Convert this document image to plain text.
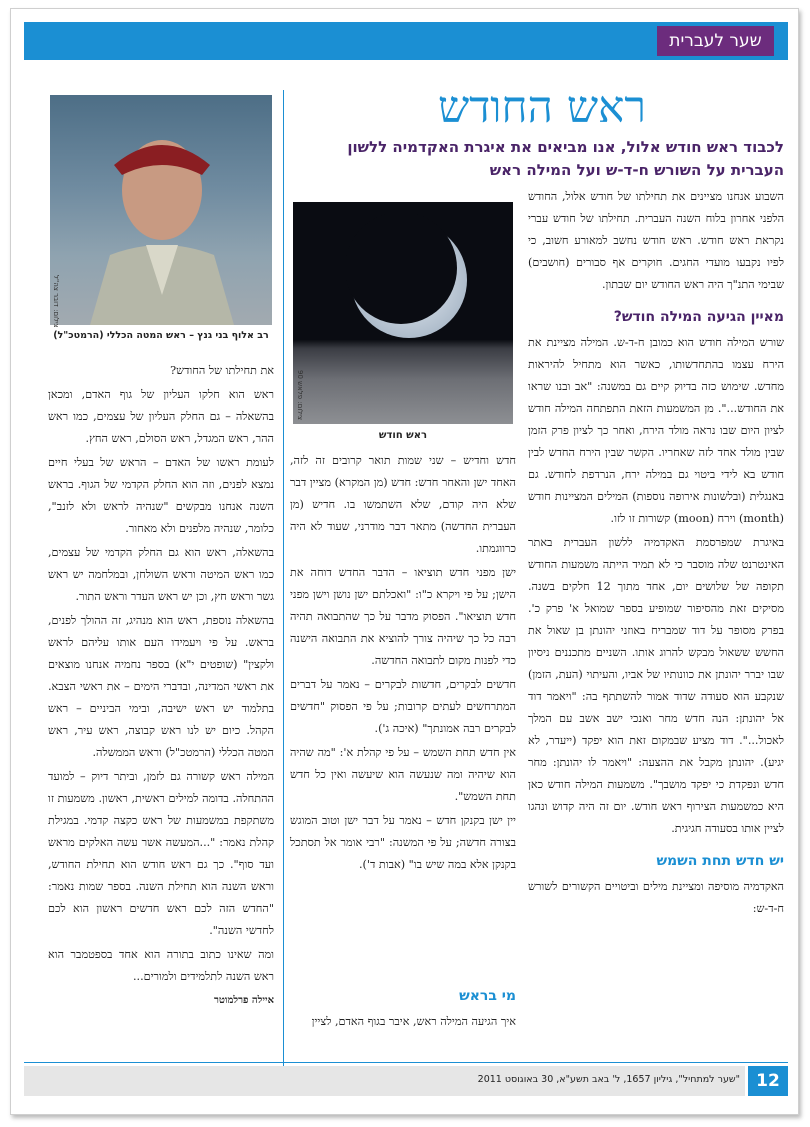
שער לעברית
ראש החודש
לכבוד ראש חודש אלול, אנו מביאים את איגרת האקדמיה ללשון העברית על השורש ח-ד-ש ועל המילה ראש

השבוע אנחנו מציינים את תחילתו של חודש אלול, החודש הלפני אחרון בלוח השנה העברית. תחילתו של חודש עברי נקראת ראש חודש. ראש חודש נחשב למאורע חשוב, כי לפיו נקבעו מועדי החגים. חוקרים אף סבורים (חושבים) שבימי התנ"ך היה ראש החודש יום שבתון.

מאיין הגיעה המילה חודש?

שורש המילה חודש הוא כמובן ח-ד-ש. המילה מציינת את הירח עצמו בהתחדשותו, כאשר הוא מתחיל להיראות מחדש. שימוש כזה בדיוק קיים גם במשנה: "אב ובנו שראו את החודש...". מן המשמעות הזאת התפתחה המילה חודש לציון היום שבו נראה מולד הירח, ואחר כך לציון פרק הזמן שבין מולד אחד לזה שאחריו. הקשר שבין הירח החדש לבין חודש בא לידי ביטוי גם במילה ירח, הנרדפת לחודש. גם באנגלית (ובלשונות אירופה נוספות) המילים המציינות חודש (month) וירח (moon) קשורות זו לזו.

באיגרת שמפרסמת האקדמיה ללשון העברית באתר האינטרנט שלה מוסבר כי לא תמיד הייתה משמעות החודש תקופה של שלושים יום, אחד מתוך 12 חלקים בשנה. מסיקים זאת מהסיפור שמופיע בספר שמואל א' פרק כ'. בפרק מסופר על דוד שמבריח באוזני יהונתן בן שאול את החשש ששאול מבקש להרוג אותו. השניים מתכננים ניסיון שבו יברר יהונתן את כוונותיו של אביו, והעיתוי (העת, הזמן) שנקבע הוא סעודה שדוד אמור להשתתף בה: "ויאמר דוד אל יהונתן: הנה חדש מחר ואנכי ישב אשב עם המלך לאכול...". דוד מציע שבמקום זאת הוא יפקד (ייעדר, לא יגיע). יהונתן מקבל את ההצעה: "ויאמר לו יהונתן: מחר חדש ונפקדת כי יפקד מושבך". משמעות המילה חודש כאן היא כמשמעות הצירוף ראש חודש. יום זה היה קדוש ונהגו לציין אותו בסעודה חגיגית.

יש חדש תחת השמש

האקדמיה מוסיפה ומציינת מילים וביטויים הקשורים לשורש ח-ד-ש:

צילום: פלאש 90
ראש חודש

חדש וחדיש – שני שמות תואר קרובים זה לזה, האחד ישן והאחר חדש: חדש (מן המקרא) מציין דבר שלא היה קודם, שלא השתמשו בו. חדיש (מן העברית החדשה) מתאר דבר מודרני, שעוד לא היה כרווגמתו.

ישן מפני חדש תוציאו – הדבר החדש דוחה את הישן; על פי ויקרא כ"ו: "ואכלתם ישן נושן וישן מפני חדש תוציאו". הפסוק מדבר על כך שהתבואה תהיה רבה כל כך שיהיה צורך להוציא את התבואה הישנה כדי לפנות מקום לתבואה החדשה.

חדשים לבקרים, חדשות לבקרים – נאמר על דברים המתרחשים לעתים קרובות; על פי הפסוק "חדשים לבקרים רבה אמונתך" (איכה ג').

אין חדש תחת השמש – על פי קהלת א': "מה שהיה הוא שיהיה ומה שנעשה הוא שיעשה ואין כל חדש תחת השמש".

יין ישן בקנקן חדש – נאמר על דבר ישן וטוב המוגש בצורה חדשה; על פי המשנה: "רבי אומר אל תסתכל בקנקן אלא במה שיש בו" (אבות ד').

מי בראש

איך הגיעה המילה ראש, איבר בגוף האדם, לציין

צילום: דובר צה"ל
רב אלוף בני גנץ – ראש המטה הכללי (הרמטכ"ל)

את תחילתו של החודש?

ראש הוא חלקו העליון של גוף האדם, ומכאן בהשאלה – גם החלק העליון של עצמים, כמו ראש ההר, ראש המגדל, ראש הסולם, ראש החץ.

לעומת ראשו של האדם – הראש של בעלי חיים נמצא לפנים, וזה הוא החלק הקדמי של הגוף. בראש השנה אנחנו מבקשים "שנהיה לראש ולא לזנב", כלומר, שנהיה מלפנים ולא מאחור.

בהשאלה, ראש הוא גם החלק הקדמי של עצמים, כמו ראש המיטה וראש השולחן, ובמלחמה יש ראש גשר וראש חץ, וכן יש ראש העדר וראש התור.

בהשאלה נוספת, ראש הוא מנהיג, זה ההולך לפנים, בראש. על פי ויעמידו העם אותו עליהם לראש ולקצין" (שופטים י"א) בספר נחמיה אנחנו מוצאים את ראשי המדינה, ובדברי הימים – את ראשי הצבא. בתלמוד יש ראש ישיבה, ובימי הביניים – ראש הקהל. כיום יש לנו ראש קבוצה, ראש עיר, ראש המטה הכללי (הרמטכ"ל) וראש הממשלה.

המילה ראש קשורה גם לזמן, וביתר דיוק – למועד ההתחלה. בדומה למילים ראשית, ראשון. משמעות זו משתקפת במשמעות של ראש כקצה קדמי. במגילת קהלת נאמר: "...המעשה אשר עשה האלקים מראש ועד סוף". כך גם ראש חודש הוא תחילת החודש, וראש השנה הוא תחילת השנה. בספר שמות נאמר: "החדש הזה לכם ראש חדשים ראשון הוא לכם לחדשי השנה".

ומה שאינו כתוב בתורה הוא אחד בספטמבר הוא ראש השנה לתלמידים ולמורים...

איילה פרלמוטר

"שער למתחיל", גיליון 1657, ל' באב תשע"א, 30 באוגוסט 2011 12
